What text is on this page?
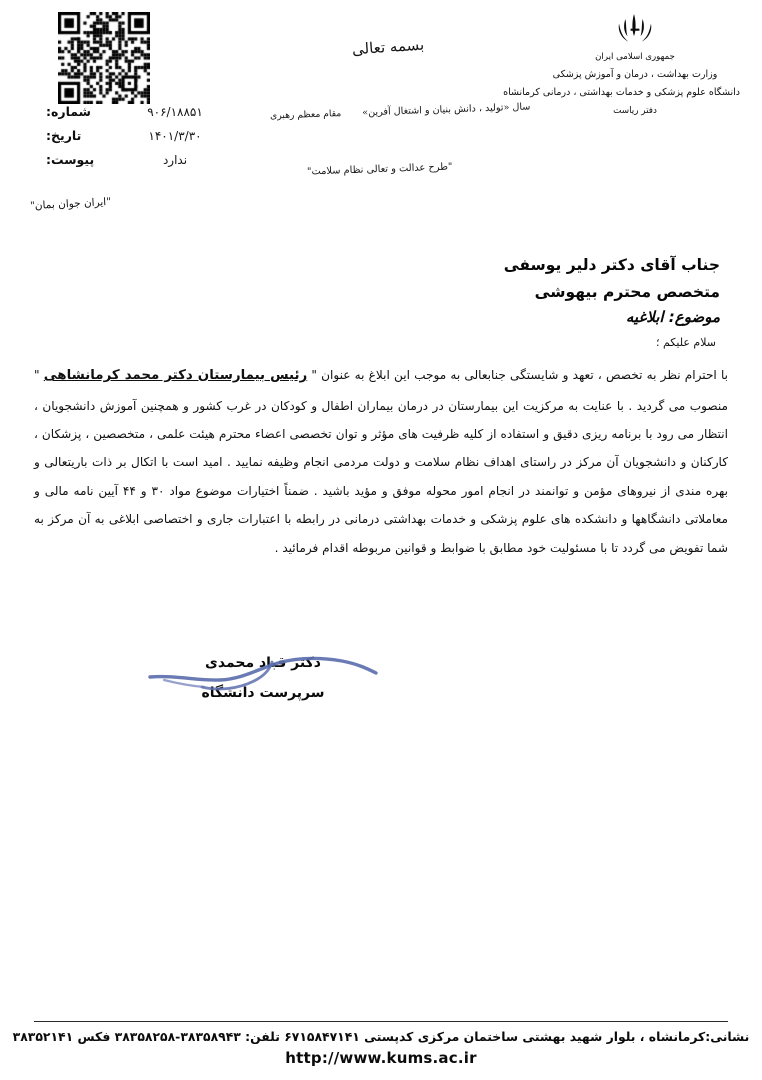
جمهوری اسلامی ایران
وزارت بهداشت ، درمان و آموزش پزشکی
دانشگاه علوم پزشکی و خدمات بهداشتی ، درمانی کرمانشاه
دفتر ریاست
بسمه تعالی
۹۰۶/۱۸۸۵۱
شماره:
۱۴۰۱/۳/۳۰
تاریخ:
ندارد
پیوست:
سال «تولید ، دانش بنیان و اشتغال آفرین» مقام معظم رهبری
"طرح عدالت و تعالی نظام سلامت"
"ایران جوان بمان"
جناب آقای دکتر دلیر یوسفی
متخصص محترم بیهوشی
موضوع: ابلاغیه
سلام علیکم ؛
با احترام نظر به تخصص ، تعهد و شایستگی جنابعالی به موجب این ابلاغ به عنوان " رئیس بیمارستان دکتر محمد کرمانشاهی " منصوب می گردید . با عنایت به مرکزیت این بیمارستان در درمان بیماران اطفال و کودکان در غرب کشور و همچنین آموزش دانشجویان ، انتظار می رود با برنامه ریزی دقیق و استفاده از کلیه ظرفیت های مؤثر و توان تخصصی اعضاء محترم هیئت علمی ، متخصصین ، پزشکان ، کارکنان و دانشجویان آن مرکز در راستای اهداف نظام سلامت و دولت مردمی انجام وظیفه نمایید . امید است با اتکال بر ذات باریتعالی و بهره مندی از نیروهای مؤمن و توانمند در انجام امور محوله موفق و مؤید باشید . ضمناً اختیارات موضوع مواد ۳۰ و ۴۴ آیین نامه مالی و معاملاتی دانشگاهها و دانشکده های علوم پزشکی و خدمات بهداشتی درمانی در رابطه با اعتبارات جاری و اختصاصی ابلاغی به آن مرکز به شما تفویض می گردد تا با مسئولیت خود مطابق با ضوابط و قوانین مربوطه اقدام فرمائید .
دکتر قباد محمدی
سرپرست دانشگاه
نشانی:کرمانشاه ، بلوار شهید بهشتی ساختمان مرکزی کدپستی ۶۷۱۵۸۴۷۱۴۱ تلفن: ۳۸۳۵۸۹۴۳-۳۸۳۵۸۲۵۸ فکس ۳۸۳۵۲۱۴۱
http://www.kums.ac.ir
